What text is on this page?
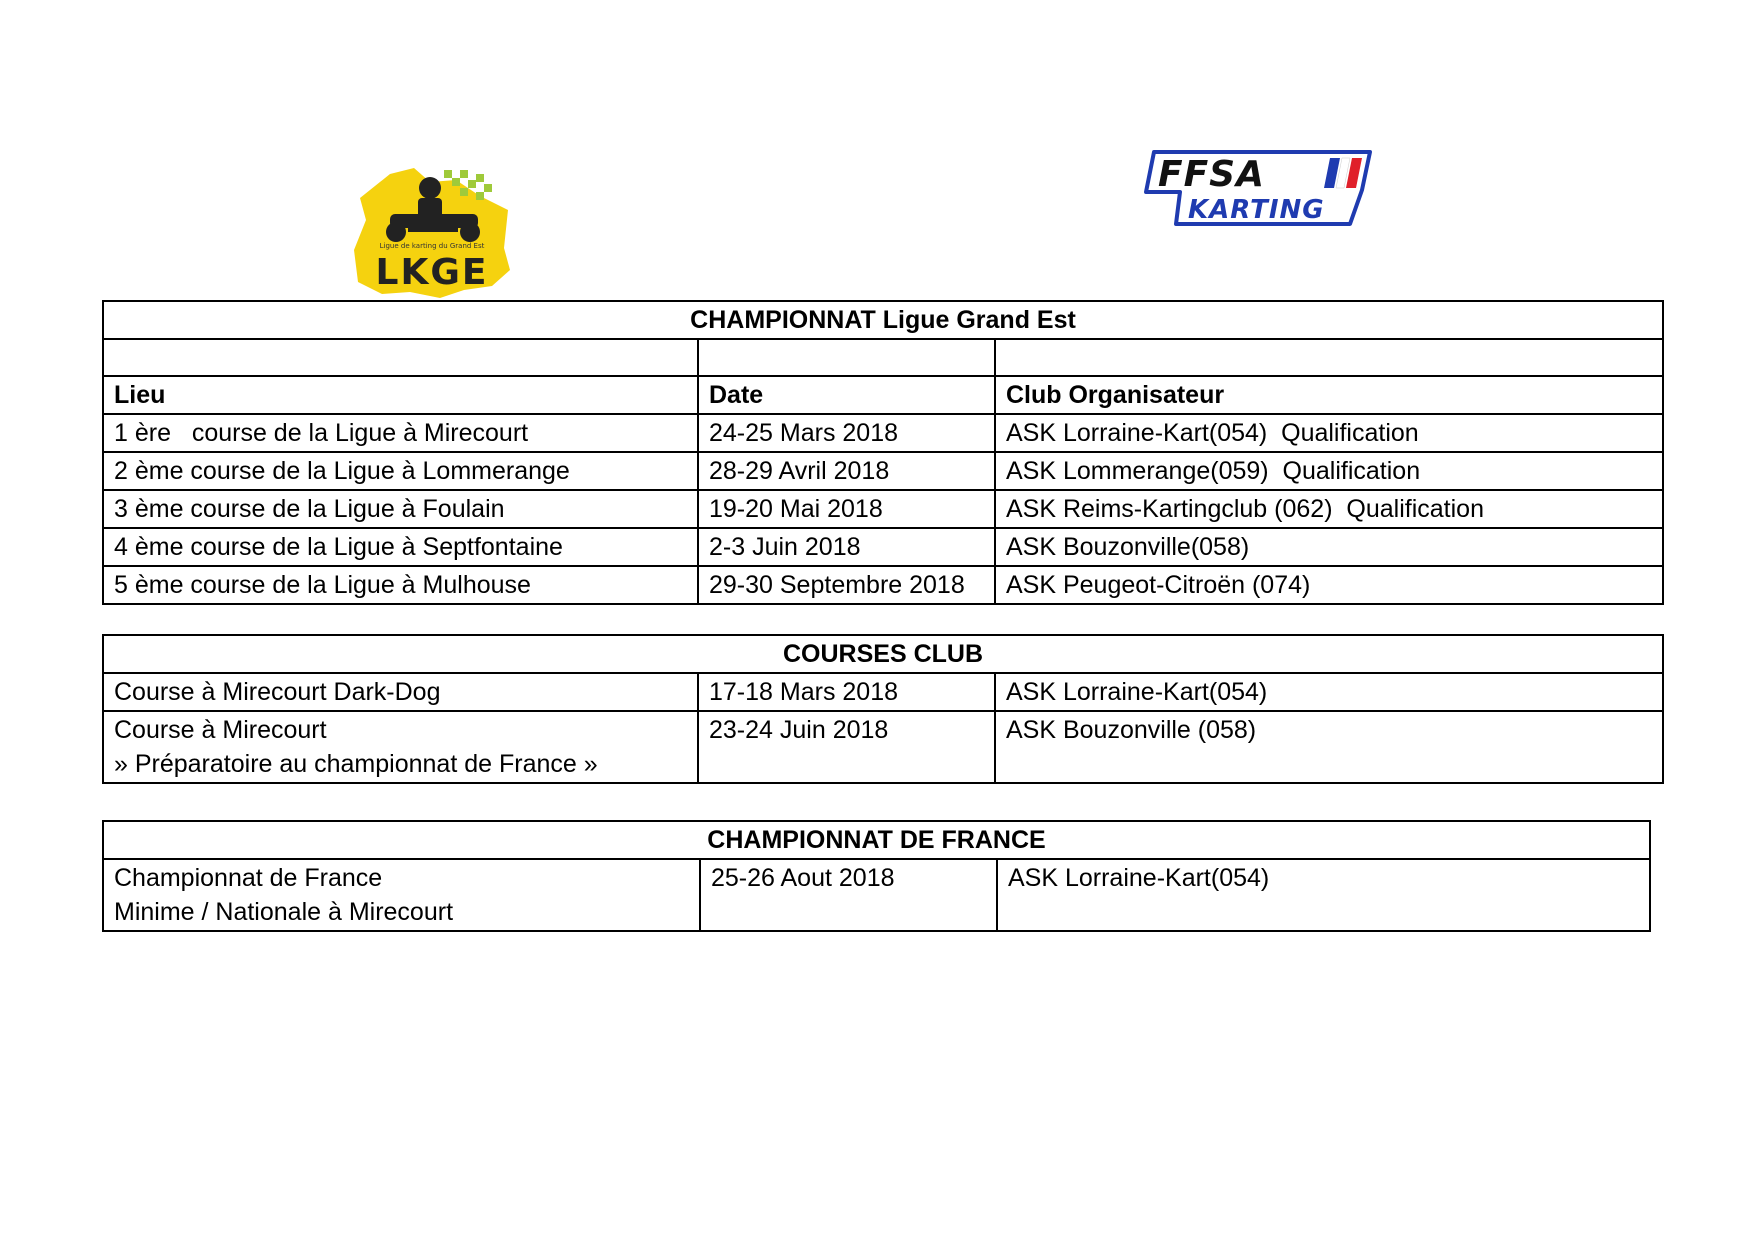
Ligue de karting du Grand Est
LKGE
FFSA
KARTING
CHAMPIONNAT Ligue Grand Est		

Lieu	Date	Club Organisateur
1 ère   course de la Ligue à Mirecourt	24-25 Mars 2018	ASK Lorraine-Kart(054)  Qualification
2 ème course de la Ligue à Lommerange	28-29 Avril 2018	ASK Lommerange(059)  Qualification
3 ème course de la Ligue à Foulain	19-20 Mai 2018	ASK Reims-Kartingclub (062)  Qualification
4 ème course de la Ligue à Septfontaine	2-3 Juin 2018	ASK Bouzonville(058)
5 ème course de la Ligue à Mulhouse	29-30 Septembre 2018	ASK Peugeot-Citroën (074)
COURSES CLUB		
Course à Mirecourt Dark-Dog	17-18 Mars 2018	ASK Lorraine-Kart(054)

Course à Mirecourt
» Préparatoire au championnat de France »	23-24 Juin 2018	ASK Bouzonville (058)
CHAMPIONNAT DE FRANCE

Championnat de France
Minime / Nationale à Mirecourt
	25-26 Aout 2018	ASK Lorraine-Kart(054)
